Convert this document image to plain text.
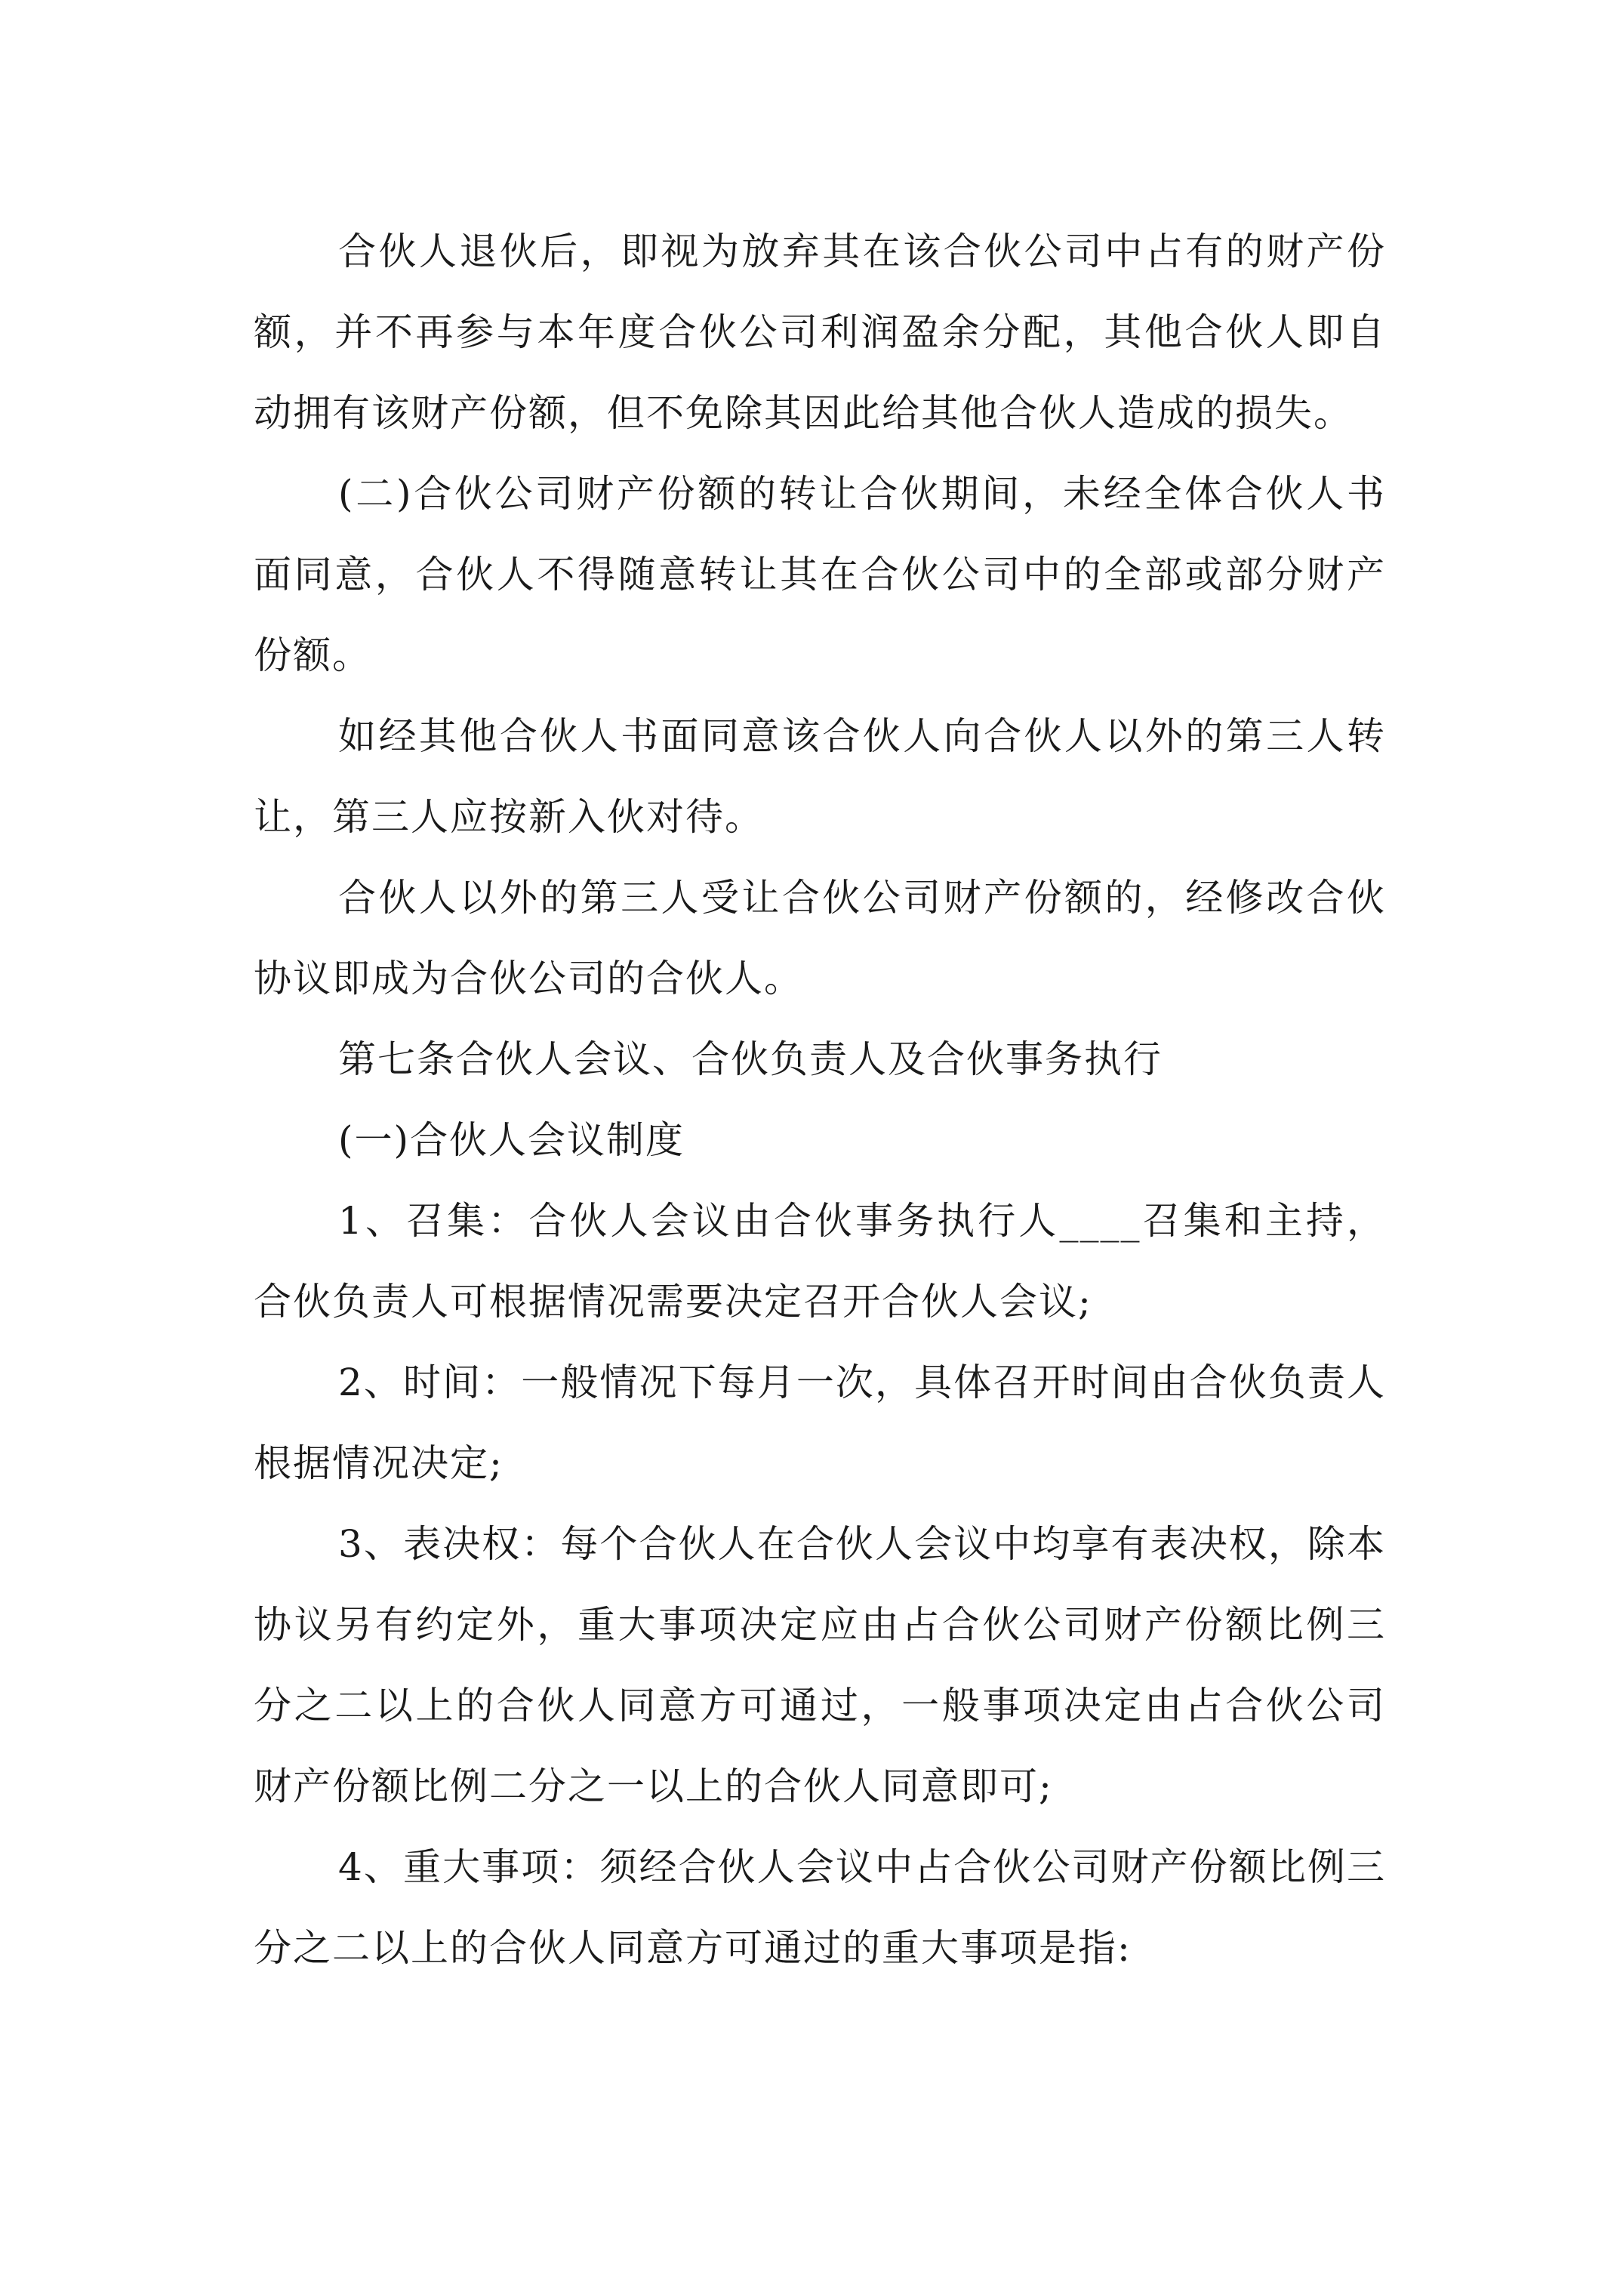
合伙人退伙后，即视为放弃其在该合伙公司中占有的财产份额，并不再参与本年度合伙公司利润盈余分配，其他合伙人即自动拥有该财产份额，但不免除其因此给其他合伙人造成的损失。

(二)合伙公司财产份额的转让合伙期间，未经全体合伙人书面同意，合伙人不得随意转让其在合伙公司中的全部或部分财产份额。

如经其他合伙人书面同意该合伙人向合伙人以外的第三人转让，第三人应按新入伙对待。

合伙人以外的第三人受让合伙公司财产份额的，经修改合伙协议即成为合伙公司的合伙人。

第七条合伙人会议、合伙负责人及合伙事务执行

(一)合伙人会议制度

1、召集：合伙人会议由合伙事务执行人____召集和主持，合伙负责人可根据情况需要决定召开合伙人会议;

2、时间：一般情况下每月一次，具体召开时间由合伙负责人根据情况决定;

3、表决权：每个合伙人在合伙人会议中均享有表决权，除本协议另有约定外，重大事项决定应由占合伙公司财产份额比例三分之二以上的合伙人同意方可通过，一般事项决定由占合伙公司财产份额比例二分之一以上的合伙人同意即可;

4、重大事项：须经合伙人会议中占合伙公司财产份额比例三分之二以上的合伙人同意方可通过的重大事项是指:
